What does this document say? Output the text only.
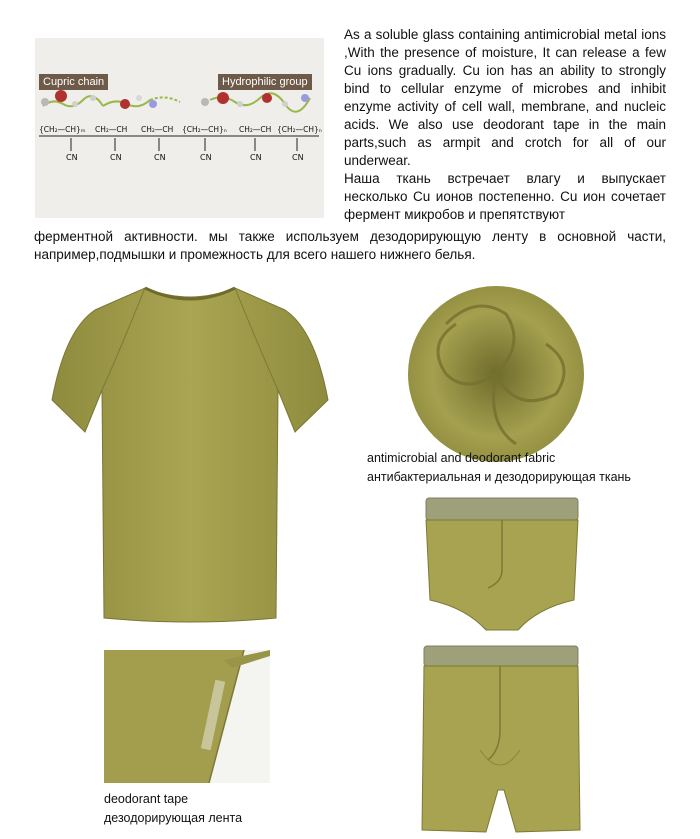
Cupric chain	Hydrophilic group
{CH₂—CH}ₘ CH₂—CH CH₂—CH {CH₂—CH}ₙ CH₂—CH {CH₂—CH}ₙ
CN	CN	CN	CN	CN	CN
As a soluble glass containing antimicrobial metal ions ,With the presence of moisture, It can release a few Cu ions gradually. Cu ion has an ability to strongly bind to cellular enzyme of microbes and inhibit enzyme activity of cell wall, membrane, and nucleic acids. We also use deodorant tape in the main parts,such as armpit and crotch for all of our underwear.
Наша ткань встречает влагу и выпускает несколько Cu ионов постепенно. Cu ион сочетает фермент микробов и препятствуют
ферментной активности. мы также используем дезодорирующую ленту в основной части, например,подмышки и промежность для всего нашего нижнего белья.
antimicrobial and deodorant fabric
антибактериальная и дезодорирующая ткань
deodorant tape
дезодорирующая лента
